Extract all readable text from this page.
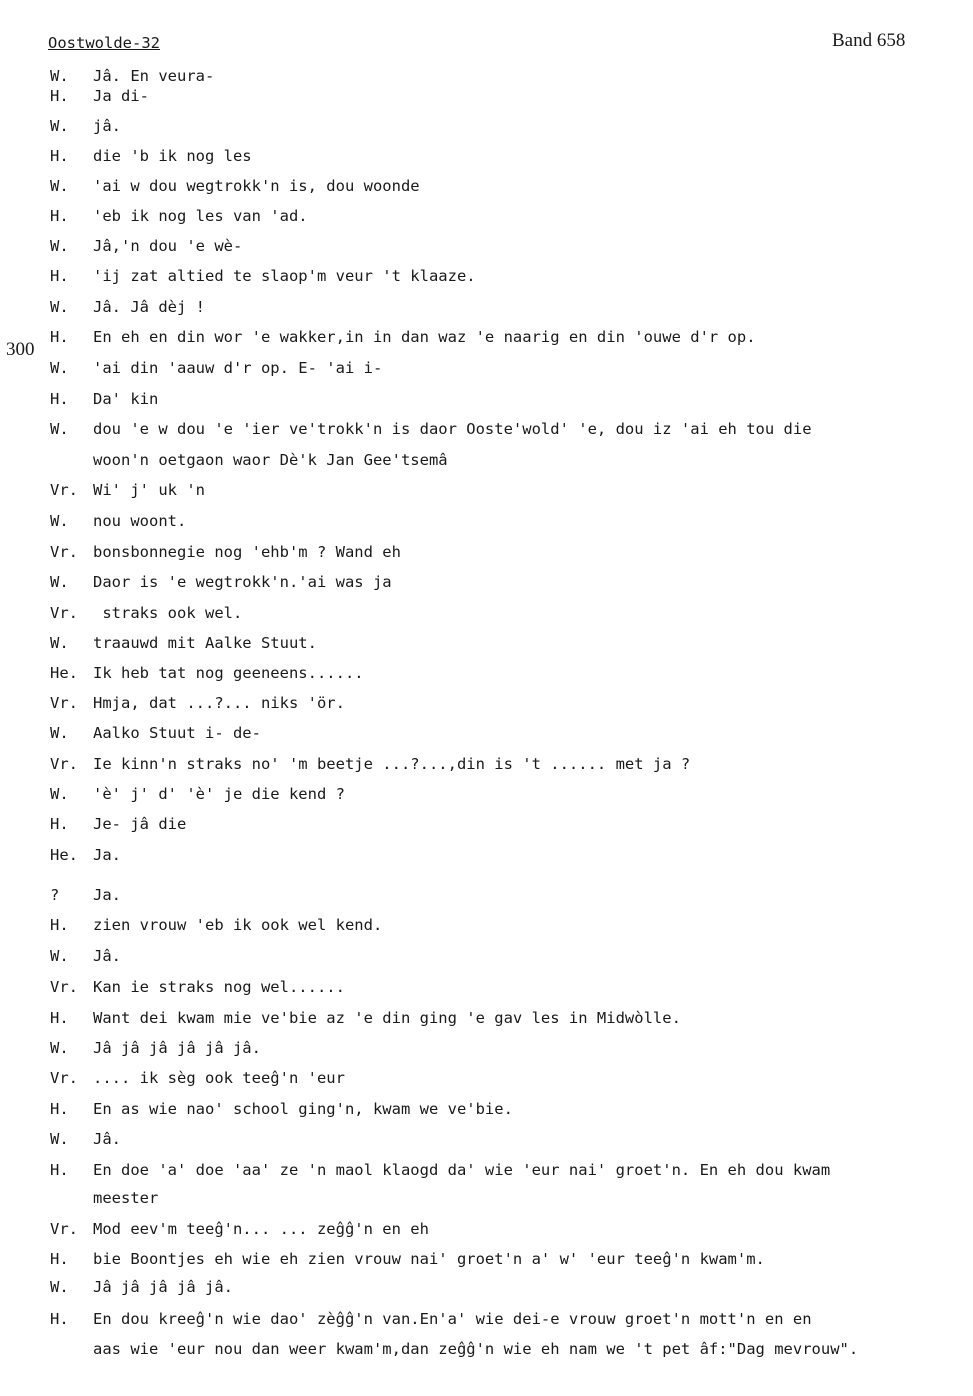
Oostwolde-32	Band 658
300
W. Jâ. En veura-
H. Ja di-
W. jâ.
H. die 'b ik nog les
W. 'ai w dou wegtrokk'n is, dou woonde
H. 'eb ik nog les van 'ad.
W. Jâ,'n dou 'e wè-
H. 'ij zat altied te slaop'm veur 't klaaze.
W. Jâ. Jâ dèj !
H. En eh en din wor 'e wakker,in in dan waz 'e naarig en din 'ouwe d'r op.
W. 'ai din 'aauw d'r op. E- 'ai i-
H. Da' kin
W. dou 'e w dou 'e 'ier ve'trokk'n is daor Ooste'wold' 'e, dou iz 'ai eh tou die
woon'n oetgaon waor Dè'k Jan Gee'tsemâ
Vr. Wi' j' uk 'n
W. nou woont.
Vr. bonsbonnegie nog 'ehb'm ? Wand eh
W. Daor is 'e wegtrokk'n.'ai was ja
Vr. straks ook wel.
W. traauwd mit Aalke Stuut.
He. Ik heb tat nog geeneens......
Vr. Hmja, dat ...?... niks 'ör.
W. Aalko Stuut i- de-
Vr. Ie kinn'n straks no' 'm beetje ...?...,din is 't ...... met ja ?
W. 'è' j' d' 'è' je die kend ?
H. Je- jâ die
He. Ja.
? Ja.
H. zien vrouw 'eb ik ook wel kend.
W. Jâ.
Vr. Kan ie straks nog wel......
H. Want dei kwam mie ve'bie az 'e din ging 'e gav les in Midwòlle.
W. Jâ jâ jâ jâ jâ jâ.
Vr. .... ik sèg ook teeĝ'n 'eur
H. En as wie nao' school ging'n, kwam we ve'bie.
W. Jâ.
H. En doe 'a' doe 'aa' ze 'n maol klaogd da' wie 'eur nai' groet'n. En eh dou kwam
meester
Vr. Mod eev'm teeĝ'n... ... zeĝĝ'n en eh
H. bie Boontjes eh wie eh zien vrouw nai' groet'n a' w' 'eur teeĝ'n kwam'm.
W. Jâ jâ jâ jâ jâ.
H. En dou kreeĝ'n wie dao' zèĝĝ'n van.En'a' wie dei-e vrouw groet'n mott'n en en
aas wie 'eur nou dan weer kwam'm,dan zeĝĝ'n wie eh nam we 't pet âf:"Dag mevrouw".
